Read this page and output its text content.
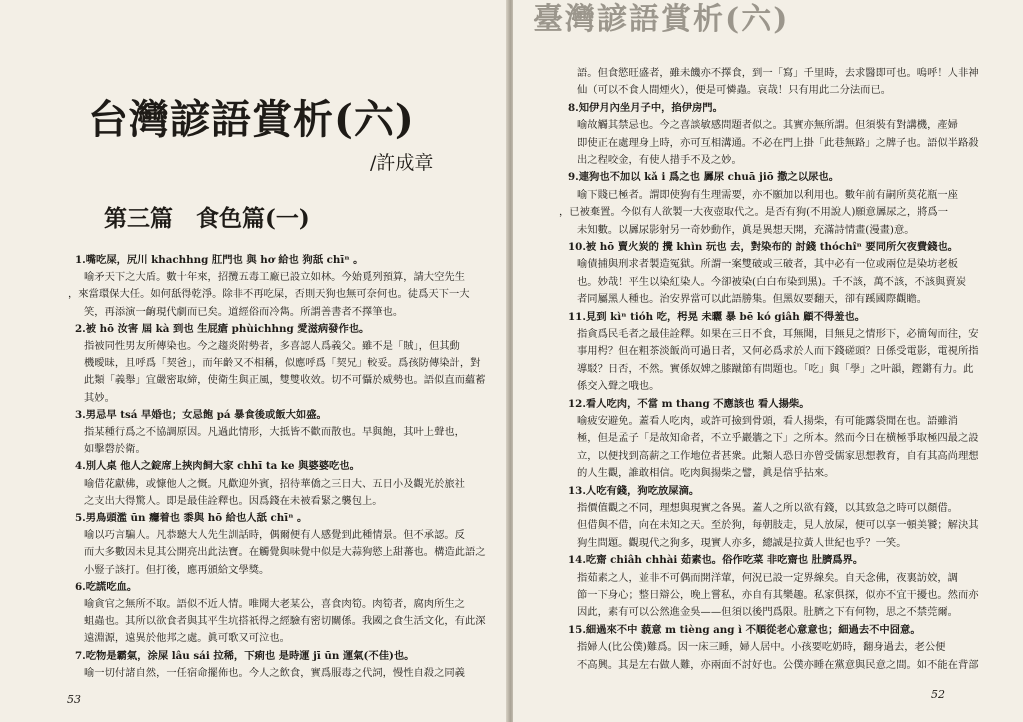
台灣諺語賞析(六)
/許成章
第三篇　食色篇(一)
1.嘴吃屎，尻川 khachhng 肛門也 與 hơ 給也 狗舐 chīⁿ 。
喻矛天下之大盾。數十年來，招攬五毒工廠已設立如林。今始覓列預算，請大空先生
，來當環保大任。如何舐得乾淨。除非不再吃屎，否則天狗也無可奈何也。徒爲天下一大
笑，再添演一齣現代劇而已矣。道經俗而冷雋。所謂善書者不擇筆也。
2.被 hō 汝害 屆 kà 到也 生屁瘡 phùichhng 愛滋病發作也。
指被同性男友所傳染也。今之趨炎附勢者，多喜認人爲義父。雖不是「賊」，但其動
機曖昧，且呼爲「契爸」，而年齡又不相稱，似應呼爲「契兄」較妥。爲孩防傳染計，對
此類「義舉」宜嚴密取締，使衛生與正風，雙雙收效。切不可懾於威勢也。語似直而蘊蓄
其妙。
3.男忌早 tsá 早婚也；女忌飽 pá 暴食後或飯大如盛。
指某種行爲之不協調原因。凡過此情形，大抵皆不歡而散也。早與飽，其叶上聲也，
如擊磬於衛。
4.別人桌 他人之錠席上挾肉飼大家 chhī ta ke 與婆婆吃也。
喻借花獻佛，或慷他人之慨。凡歡迎外賓，招待華僑之三日大、五日小及觀光於旅社
之支出大得驚人。即是最佳詮釋也。因爲錢在未被看緊之襲包上。
5.男鳥頭濫 ūn 癮着也 黍與 hō 給也人舐 chīⁿ 。
喻以巧言騙人。凡恭聽大人先生訓話時，偶爾便有人感覺到此種情景。但不承認。反
而大多數因未見其公開亮出此法寶。在觸覺與味覺中似是大蒜狗慾上甜蕃也。構造此語之
小豎子該打。但打後，應再頒給文學獎。
6.吃謊吃血。
喻貪官之無所不取。語似不近人情。唯聞大老某公，喜食肉筍。肉筍者，腐肉所生之
蛆蟲也。其所以欲食者與其平生坑搭祇得之經驗有密切關係。我國之食生活文化，有此深
遠淵源，遠異於他邦之處。眞可歌又可泣也。
7.吃物是霸氣，涂屎 lâu sái 拉稀，下痢也 是時運 jī ūn 運氣(不佳)也。
喻一切付諸自然，一任宿命擺佈也。今人之飲食，實爲服毒之代詞，慢性自殺之同義
53
臺灣諺語賞析(六)
語。但食慾旺盛者，雖未饑亦不擇食，到一「寫」千里時，去求醫即可也。嗚呼！人非神
仙（可以不食人間煙火），便是可憐蟲。哀哉！只有用此二分法而已。
8.知伊月內坐月子中，掐伊房門。
喻故觸其禁忌也。今之喜談敏感問題者似之。其實亦無所謂。但須裝有對講機，產婦
即使正在處理身上時，亦可互相溝通。不必在門上掛「此巷無路」之牌子也。語似半路殺
出之程咬金，有使人措手不及之妙。
9.連狗也不加以 kǎ i 爲之也 羼尿 chuā jiō 撒之以尿也。
喻下賤已極者。謂即使狗有生理需要，亦不願加以利用也。數年前有嗣所莫花瓶一座
，已被棄置。今似有人欲製一大夜壺取代之。是否有狗(不用說人)願意羼尿之，將爲一
未知數。以羼尿影射另一奇妙動作，眞是異想天開，充滿詩情畫(漫畫)意。
10.被 hō 賣火炭的 攪 khìn 玩也 去，對染布的 討錢 thóchîⁿ 要同所欠夜費錢也。
喻債捕與刑求者製造冤獄。所謂一案雙破或三破者，其中必有一位或兩位是染坊老板
也。妙哉！平生以染紅染人。今卻被染(白白布染到黑)。千不該，萬不該，不該與賣炭
者同屬黑人種也。治安界當可以此語勝集。但黑奴要翻天，卻有蹊國際觀瞻。
11.見到 kìⁿ tióh 吃，枵晃 未曬 暴 bē kó giâh 顧不得羞也。
指貪爲民毛者之最佳詮釋。如果在三日不食，耳無聞，目無見之情形下，必簡匈而往，安
事用枵？但在粗茶淡飯尚可過日者，又何必爲求於人而下錢磋頭？日係受電影，電視所指
導駁？日否，不然。實係奴婢之膝蹴節有問題也。「吃」與「學」之叶韻，鏗鏘有力。此
係交入聲之哦也。
12.看人吃肉，不當 m thang 不應該也 看人揚柴。
喻疲安避免。蓋看人吃肉，或許可撿到骨頭，看人揚柴，有可能露袋閒在也。語雖消
極，但是孟子「是故知命者，不立乎巖牆之下」之所本。然而今日在横極爭取極四最之設
立，以便找到高薪之工作地位者甚衆。此類人恐日亦曾受儒家思想教育，自有其高尚理想
的人生觀，誰敢相信。吃肉與揚柴之譬，眞是信乎拈來。
13.人吃有錢，狗吃放屎滴。
指價值觀之不同，理想與現實之各異。蓋人之所以欲有錢，以其致急之時可以顏借。
但借與不借，向在未知之天。至於狗，每朝肢走，見人放屎，便可以享一頓美饕；解決其
狗生問題。觀現代之狗多，現實人亦多，總誠是拉黃人世紀也乎？一笑。
14.吃齋 chiâh chhài 茹素也。俗作吃菜 非吃齋也 肚臍爲界。
指茹素之人，並非不可偶而開洋葷，何況已設一定界線矣。自天念佛，夜裏訪姣，調
節一下身心；整日辯公，晚上嘗私，亦自有其樂趣。私家俱探，似亦不宜干擾也。然而亦
因此，素有可以公然進金吳——但須以後門爲限。肚臍之下有何物，思之不禁莞爾。
15.細過來不中 藐意 m tièng ang ì 不順從老心意意也；細過去不中囧意。
指婦人(比公僕)難爲。因一床三睡，婦人居中。小孩要吃奶時，翻身過去，老公便
不高興。其是左右做人難，亦兩面不討好也。公僕亦睡在黨意與民意之間。如不能在背部
52
